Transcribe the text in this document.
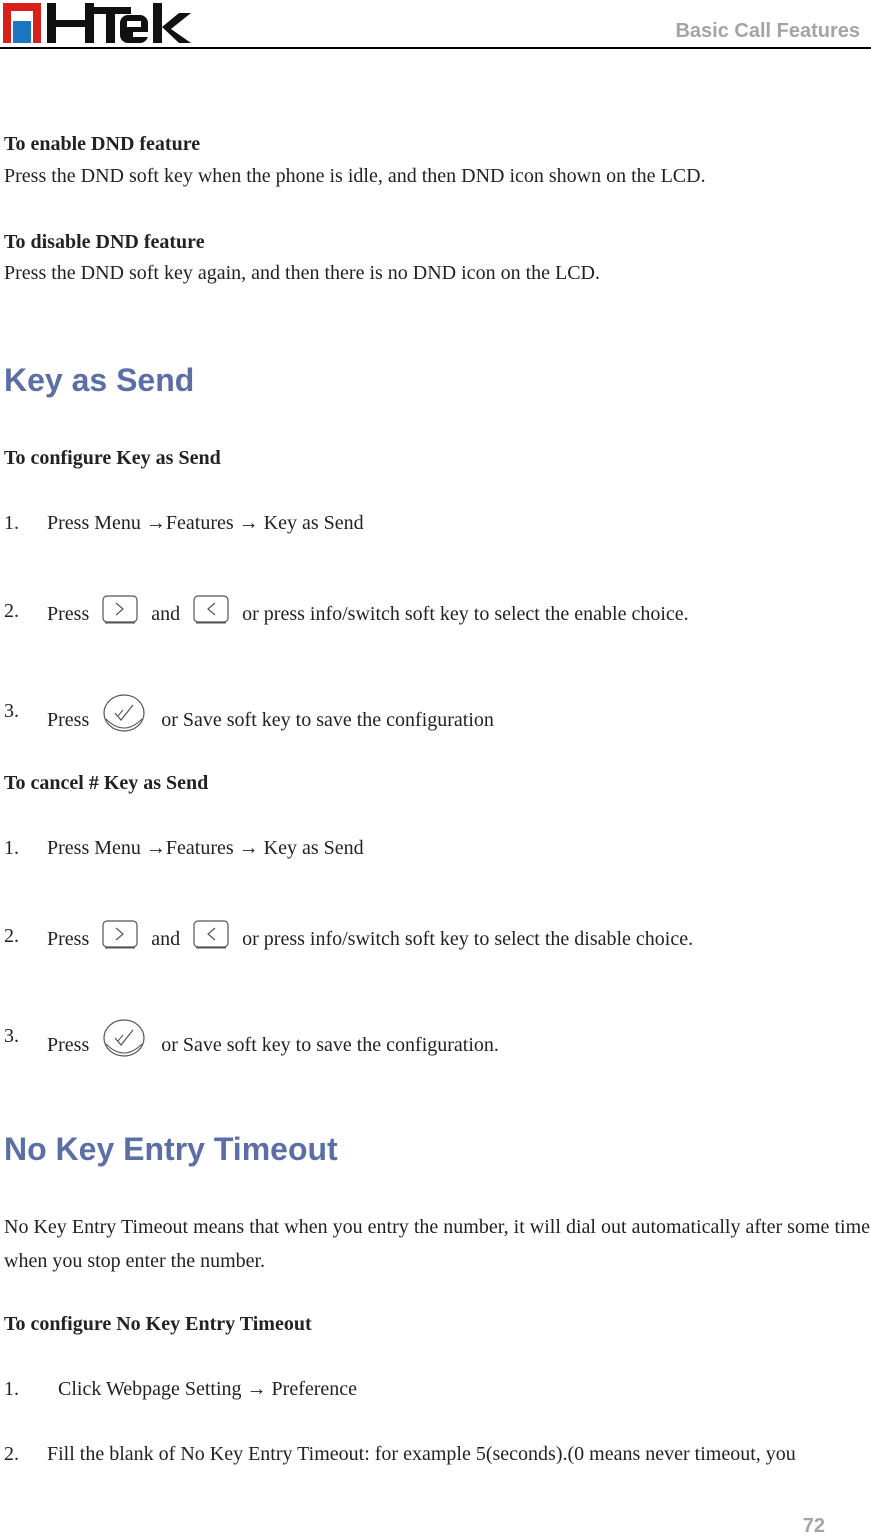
Basic Call Features
To enable DND feature
Press the DND soft key when the phone is idle, and then DND icon shown on the LCD.
To disable DND feature
Press the DND soft key again, and then there is no DND icon on the LCD.
Key as Send
To configure Key as Send
1. Press Menu →Features → Key as Send
2. Press	and	or press info/switch soft key to select the enable choice.
3. Press	or Save soft key to save the configuration
To cancel # Key as Send
1. Press Menu →Features → Key as Send
2. Press	and	or press info/switch soft key to select the disable choice.
3. Press	or Save soft key to save the configuration.
No Key Entry Timeout
No Key Entry Timeout means that when you entry the number, it will dial out automatically after some time when you stop enter the number.
To configure No Key Entry Timeout
1. Click Webpage Setting → Preference
2. Fill the blank of No Key Entry Timeout: for example 5(seconds).(0 means never timeout, you
72
